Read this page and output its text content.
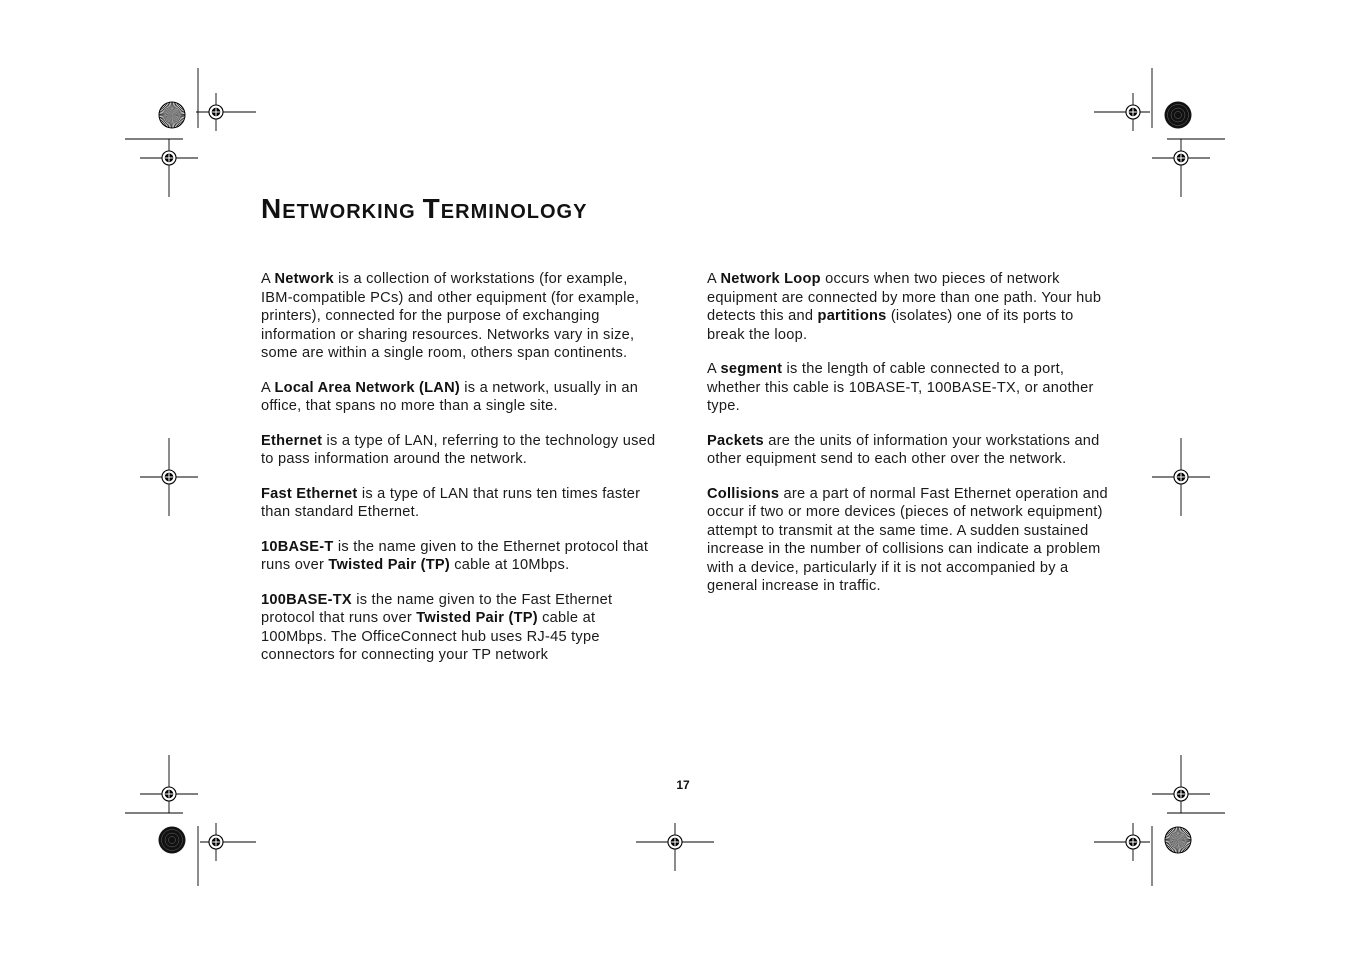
NETWORKING TERMINOLOGY

A Network is a collection of workstations (for example, IBM-compatible PCs) and other equipment (for example, printers), connected for the purpose of exchanging information or sharing resources. Networks vary in size, some are within a single room, others span continents.

A Local Area Network (LAN) is a network, usually in an office, that spans no more than a single site.

Ethernet is a type of LAN, referring to the technology used to pass information around the network.

Fast Ethernet is a type of LAN that runs ten times faster than standard Ethernet.

10BASE-T is the name given to the Ethernet protocol that runs over Twisted Pair (TP) cable at 10Mbps.

100BASE-TX is the name given to the Fast Ethernet protocol that runs over Twisted Pair (TP) cable at 100Mbps. The OfficeConnect hub uses RJ-45 type connectors for connecting your TP network

A Network Loop occurs when two pieces of network equipment are connected by more than one path. Your hub detects this and partitions (isolates) one of its ports to break the loop.

A segment is the length of cable connected to a port, whether this cable is 10BASE-T, 100BASE-TX, or another type.

Packets are the units of information your workstations and other equipment send to each other over the network.

Collisions are a part of normal Fast Ethernet operation and occur if two or more devices (pieces of network equipment) attempt to transmit at the same time. A sudden sustained increase in the number of collisions can indicate a problem with a device, particularly if it is not accompanied by a general increase in traffic.

17
